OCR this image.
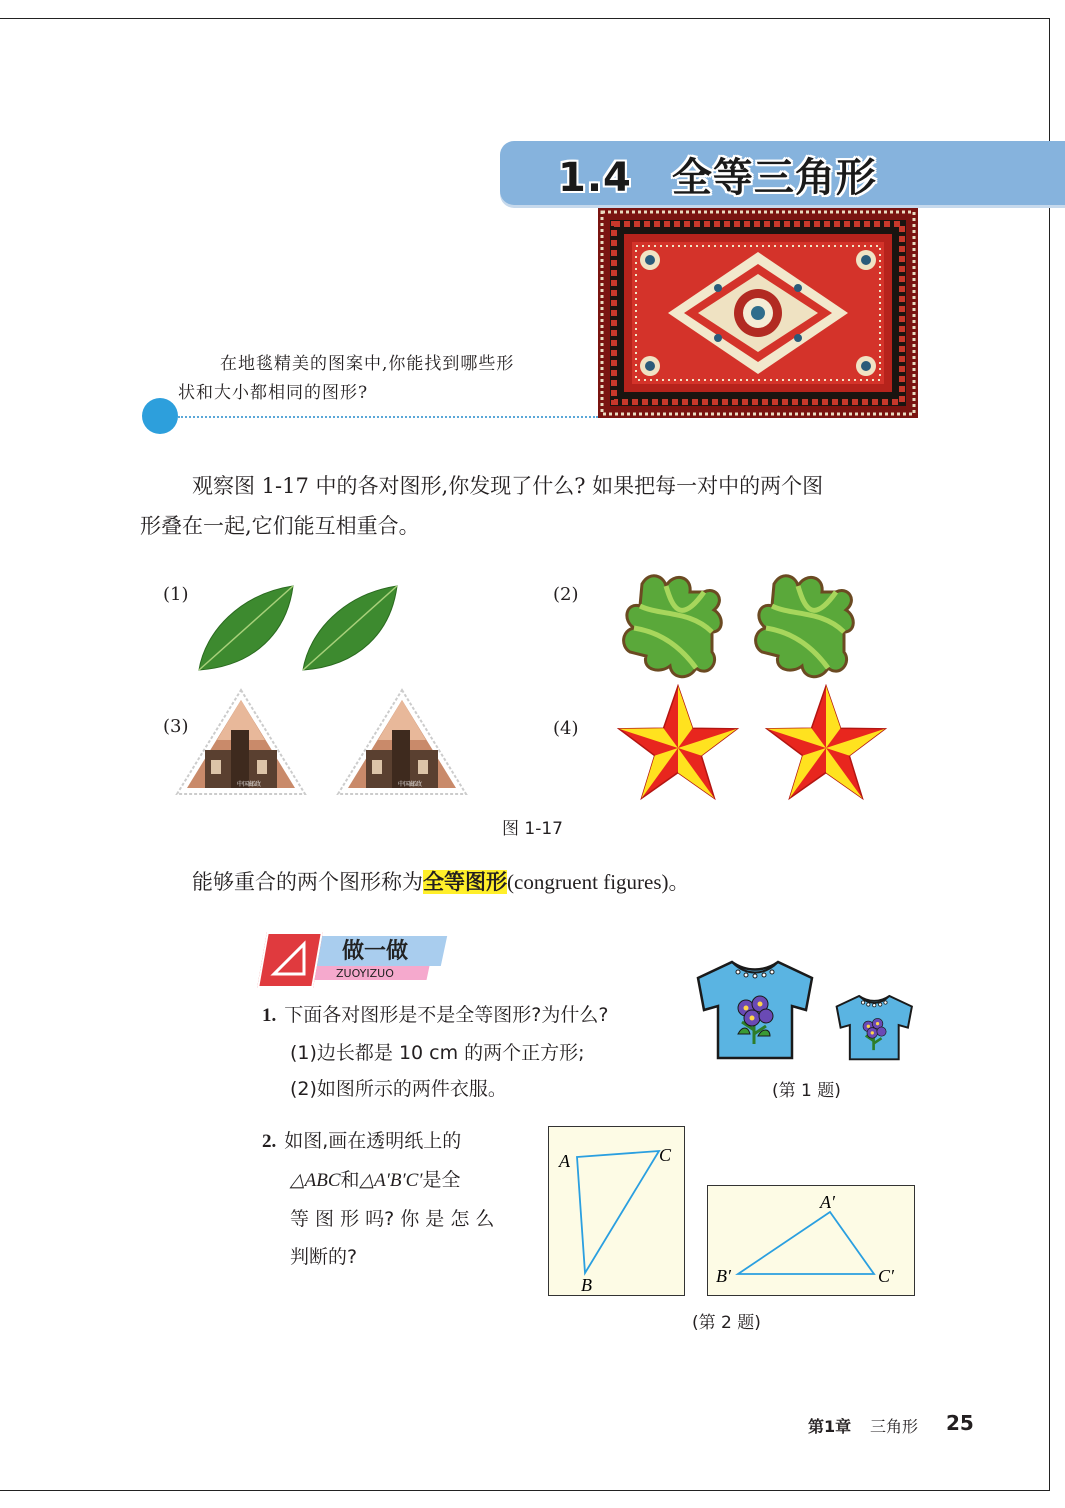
1.4 全等三角形
在地毯精美的图案中,你能找到哪些形
状和大小都相同的图形?
观察图 1-17 中的各对图形,你发现了什么? 如果把每一对中的两个图
形叠在一起,它们能互相重合。
(1)	(2)
(3)	(4)
中国邮政	中国邮政
图 1-17
能够重合的两个图形称为全等图形(congruent figures)。
做一做
ZUOYIZUO
1. 下面各对图形是不是全等图形?为什么?
(1)边长都是 10 cm 的两个正方形;
(2)如图所示的两件衣服。	(第 1 题)
2. 如图,画在透明纸上的
△ABC和△A′B′C′是全
等 图 形 吗? 你 是 怎 么
判断的?
A	C
B
A′
B′	C′
(第 2 题)
第1章 三角形 25
